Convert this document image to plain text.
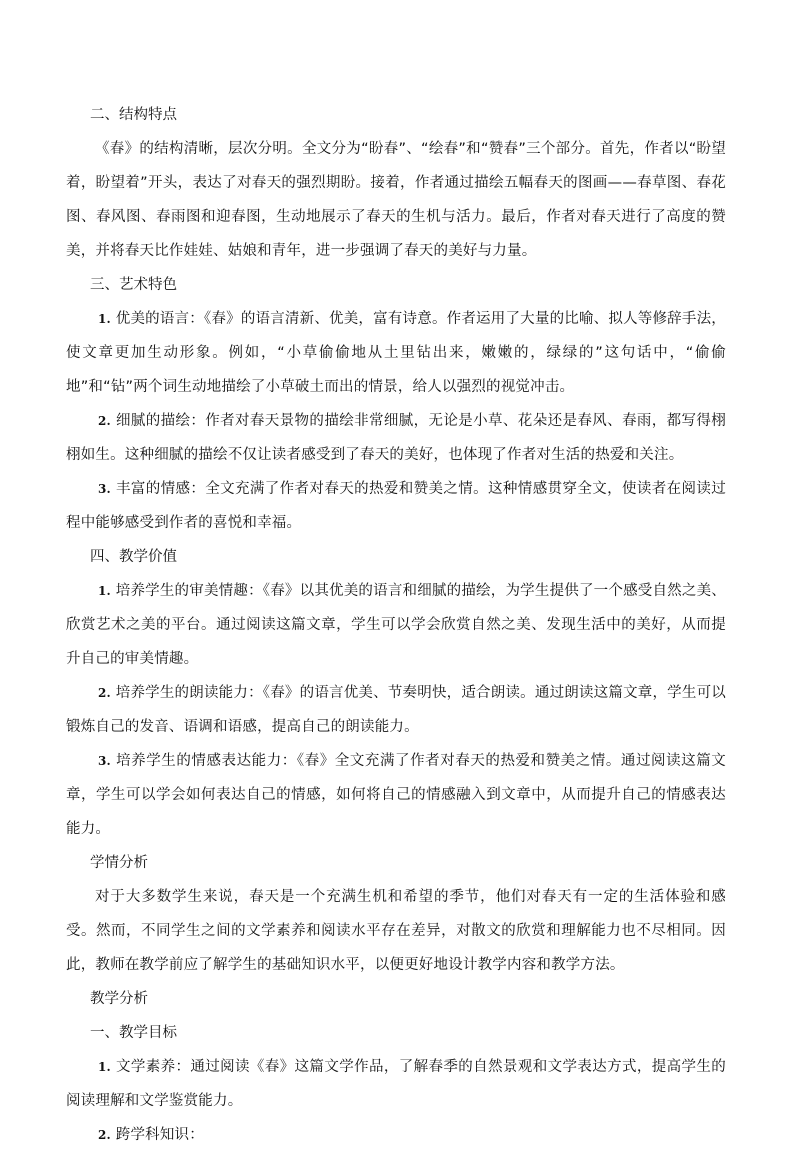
二、结构特点

《春》的结构清晰，层次分明。全文分为“盼春”、“绘春”和“赞春”三个部分。首先，作者以“盼望着，盼望着”开头，表达了对春天的强烈期盼。接着，作者通过描绘五幅春天的图画——春草图、春花图、春风图、春雨图和迎春图，生动地展示了春天的生机与活力。最后，作者对春天进行了高度的赞美，并将春天比作娃娃、姑娘和青年，进一步强调了春天的美好与力量。

三、艺术特色

1. 优美的语言：《春》的语言清新、优美，富有诗意。作者运用了大量的比喻、拟人等修辞手法，使文章更加生动形象。例如，“小草偷偷地从土里钻出来，嫩嫩的，绿绿的”这句话中，“偷偷地”和“钻”两个词生动地描绘了小草破土而出的情景，给人以强烈的视觉冲击。

2. 细腻的描绘：作者对春天景物的描绘非常细腻，无论是小草、花朵还是春风、春雨，都写得栩栩如生。这种细腻的描绘不仅让读者感受到了春天的美好，也体现了作者对生活的热爱和关注。

3. 丰富的情感：全文充满了作者对春天的热爱和赞美之情。这种情感贯穿全文，使读者在阅读过程中能够感受到作者的喜悦和幸福。

四、教学价值

1. 培养学生的审美情趣：《春》以其优美的语言和细腻的描绘，为学生提供了一个感受自然之美、欣赏艺术之美的平台。通过阅读这篇文章，学生可以学会欣赏自然之美、发现生活中的美好，从而提升自己的审美情趣。

2. 培养学生的朗读能力：《春》的语言优美、节奏明快，适合朗读。通过朗读这篇文章，学生可以锻炼自己的发音、语调和语感，提高自己的朗读能力。

3. 培养学生的情感表达能力：《春》全文充满了作者对春天的热爱和赞美之情。通过阅读这篇文章，学生可以学会如何表达自己的情感，如何将自己的情感融入到文章中，从而提升自己的情感表达能力。

学情分析

对于大多数学生来说，春天是一个充满生机和希望的季节，他们对春天有一定的生活体验和感受。然而，不同学生之间的文学素养和阅读水平存在差异，对散文的欣赏和理解能力也不尽相同。因此，教师在教学前应了解学生的基础知识水平，以便更好地设计教学内容和教学方法。

教学分析

一、教学目标

1. 文学素养：通过阅读《春》这篇文学作品，了解春季的自然景观和文学表达方式，提高学生的阅读理解和文学鉴赏能力。

2. 跨学科知识：
